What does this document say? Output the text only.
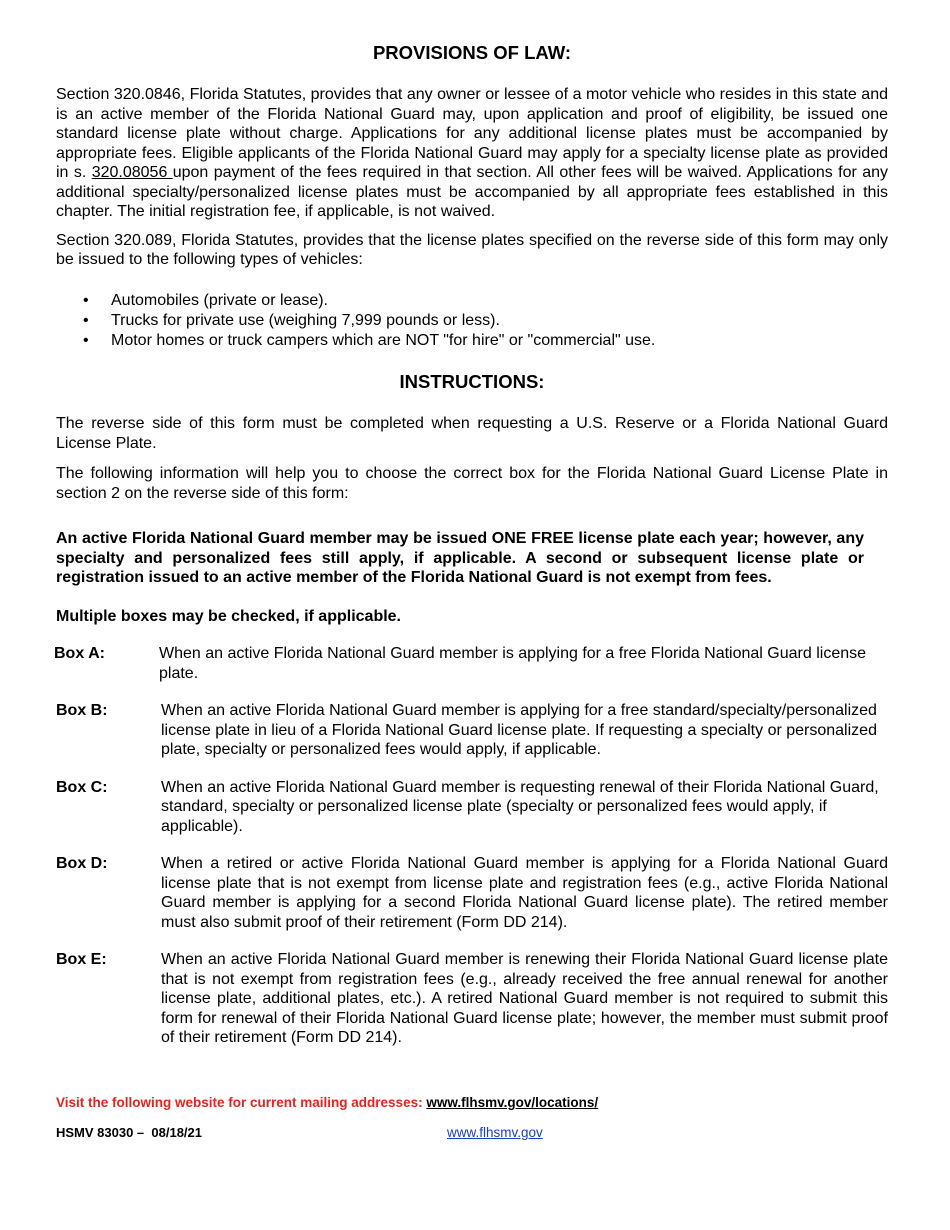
PROVISIONS OF LAW:

Section 320.0846, Florida Statutes, provides that any owner or lessee of a motor vehicle who resides in this state and is an active member of the Florida National Guard may, upon application and proof of eligibility, be issued one standard license plate without charge. Applications for any additional license plates must be accompanied by appropriate fees. Eligible applicants of the Florida National Guard may apply for a specialty license plate as provided in s. 320.08056 upon payment of the fees required in that section. All other fees will be waived. Applications for any additional specialty/personalized license plates must be accompanied by all appropriate fees established in this chapter. The initial registration fee, if applicable, is not waived.

Section 320.089, Florida Statutes, provides that the license plates specified on the reverse side of this form may only be issued to the following types of vehicles:

• Automobiles (private or lease).
• Trucks for private use (weighing 7,999 pounds or less).
• Motor homes or truck campers which are NOT "for hire" or "commercial" use.
INSTRUCTIONS:

The reverse side of this form must be completed when requesting a U.S. Reserve or a Florida National Guard License Plate.

The following information will help you to choose the correct box for the Florida National Guard License Plate in section 2 on the reverse side of this form:

An active Florida National Guard member may be issued ONE FREE license plate each year; however, any specialty and personalized fees still apply, if applicable. A second or subsequent license plate or registration issued to an active member of the Florida National Guard is not exempt from fees.

Multiple boxes may be checked, if applicable.

Box A:	When an active Florida National Guard member is applying for a free Florida National Guard license plate.
Box B:	When an active Florida National Guard member is applying for a free standard/specialty/personalized license plate in lieu of a Florida National Guard license plate. If requesting a specialty or personalized plate, specialty or personalized fees would apply, if applicable.
Box C:	When an active Florida National Guard member is requesting renewal of their Florida National Guard, standard, specialty or personalized license plate (specialty or personalized fees would apply, if applicable).
Box D:	When a retired or active Florida National Guard member is applying for a Florida National Guard license plate that is not exempt from license plate and registration fees (e.g., active Florida National Guard member is applying for a second Florida National Guard license plate). The retired member must also submit proof of their retirement (Form DD 214).
Box E:	When an active Florida National Guard member is renewing their Florida National Guard license plate that is not exempt from registration fees (e.g., already received the free annual renewal for another license plate, additional plates, etc.). A retired National Guard member is not required to submit this form for renewal of their Florida National Guard license plate; however, the member must submit proof of their retirement (Form DD 214).
Visit the following website for current mailing addresses: www.flhsmv.gov/locations/
HSMV 83030 –  08/18/21	www.flhsmv.gov
